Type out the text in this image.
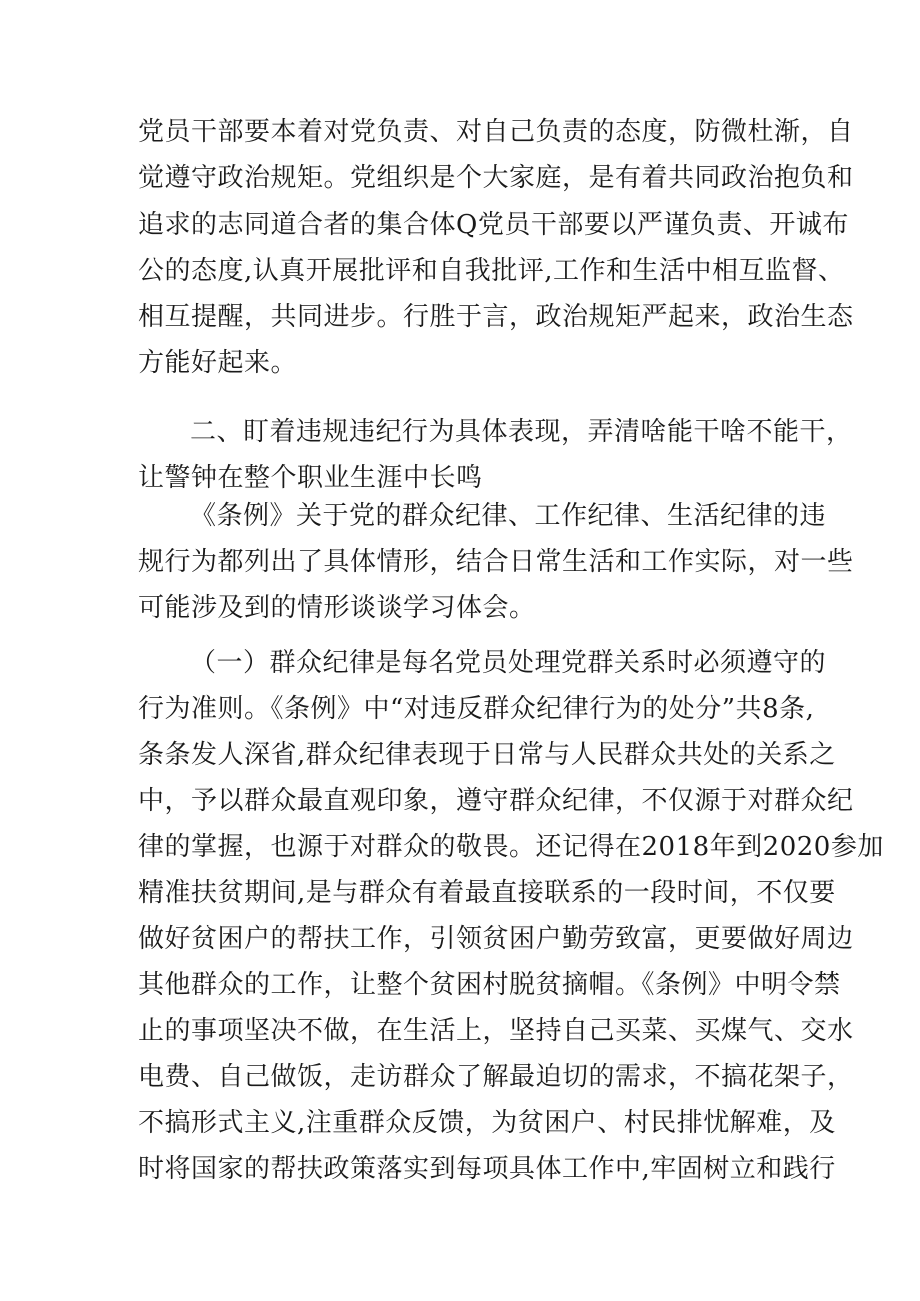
党员干部要本着对党负责、对自己负责的态度，防微杜渐，自

觉遵守政治规矩。党组织是个大家庭，是有着共同政治抱负和

追求的志同道合者的集合体Q党员干部要以严谨负责、开诚布

公的态度,认真开展批评和自我批评,工作和生活中相互监督、

相互提醒，共同进步。行胜于言，政治规矩严起来，政治生态

方能好起来。

二、盯着违规违纪行为具体表现，弄清啥能干啥不能干，

让警钟在整个职业生涯中长鸣

《条例》关于党的群众纪律、工作纪律、生活纪律的违

规行为都列出了具体情形，结合日常生活和工作实际，对一些

可能涉及到的情形谈谈学习体会。

（一）群众纪律是每名党员处理党群关系时必须遵守的

行为准则。《条例》中“对违反群众纪律行为的处分”共8条,

条条发人深省,群众纪律表现于日常与人民群众共处的关系之

中，予以群众最直观印象，遵守群众纪律，不仅源于对群众纪

律的掌握，也源于对群众的敬畏。还记得在2018年到2020参加

精准扶贫期间,是与群众有着最直接联系的一段时间，不仅要

做好贫困户的帮扶工作，引领贫困户勤劳致富，更要做好周边

其他群众的工作，让整个贫困村脱贫摘帽。《条例》中明令禁

止的事项坚决不做，在生活上，坚持自己买菜、买煤气、交水

电费、自己做饭，走访群众了解最迫切的需求，不搞花架子，

不搞形式主义,注重群众反馈，为贫困户、村民排忧解难，及

时将国家的帮扶政策落实到每项具体工作中,牢固树立和践行
